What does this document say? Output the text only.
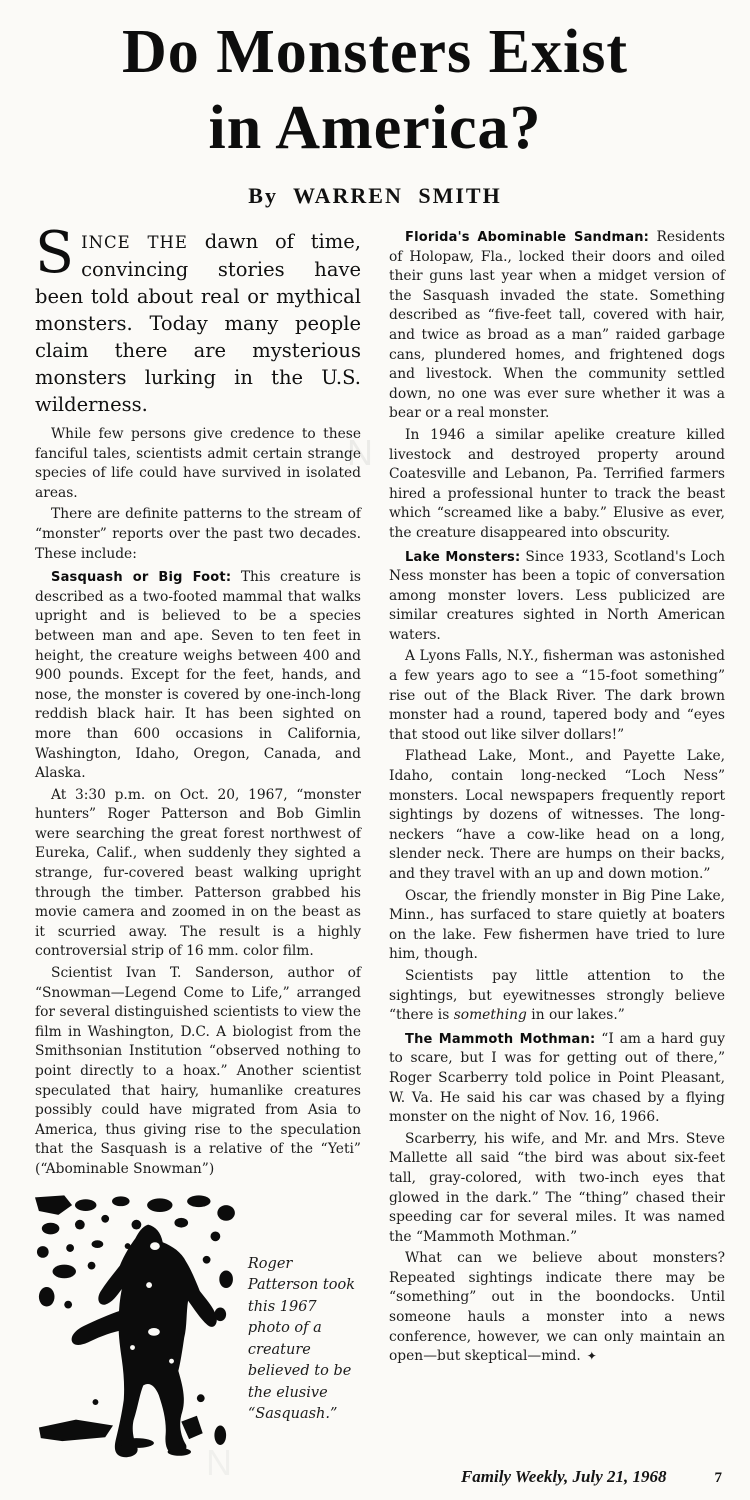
Do Monsters Exist
in America?
By WARREN SMITH

SINCE THE dawn of time, convincing stories have been told about real or mythical monsters. Today many people claim there are mysterious monsters lurking in the U.S. wilderness.

While few persons give credence to these fanciful tales, scientists admit certain strange species of life could have survived in isolated areas.

There are definite patterns to the stream of “monster” reports over the past two decades. These include:

Sasquash or Big Foot: This creature is described as a two-footed mammal that walks upright and is believed to be a species between man and ape. Seven to ten feet in height, the creature weighs between 400 and 900 pounds. Except for the feet, hands, and nose, the monster is covered by one-inch-long reddish black hair. It has been sighted on more than 600 occasions in California, Washington, Idaho, Oregon, Canada, and Alaska.

At 3:30 p.m. on Oct. 20, 1967, “monster hunters” Roger Patterson and Bob Gimlin were searching the great forest northwest of Eureka, Calif., when suddenly they sighted a strange, fur-covered beast walking upright through the timber. Patterson grabbed his movie camera and zoomed in on the beast as it scurried away. The result is a highly controversial strip of 16 mm. color film.

Scientist Ivan T. Sanderson, author of “Snowman—Legend Come to Life,” arranged for several distinguished scientists to view the film in Washington, D.C. A biologist from the Smithsonian Institution “observed nothing to point directly to a hoax.” Another scientist speculated that hairy, humanlike creatures possibly could have migrated from Asia to America, thus giving rise to the speculation that the Sasquash is a relative of the “Yeti” (“Abominable Snowman”)

Roger Patterson took this 1967 photo of a creature believed to be the elusive “Sasquash.”

Florida's Abominable Sandman: Residents of Holopaw, Fla., locked their doors and oiled their guns last year when a midget version of the Sasquash invaded the state. Something described as “five-feet tall, covered with hair, and twice as broad as a man” raided garbage cans, plundered homes, and frightened dogs and livestock. When the community settled down, no one was ever sure whether it was a bear or a real monster.

In 1946 a similar apelike creature killed livestock and destroyed property around Coatesville and Lebanon, Pa. Terrified farmers hired a professional hunter to track the beast which “screamed like a baby.” Elusive as ever, the creature disappeared into obscurity.

Lake Monsters: Since 1933, Scotland's Loch Ness monster has been a topic of conversation among monster lovers. Less publicized are similar creatures sighted in North American waters.

A Lyons Falls, N.Y., fisherman was astonished a few years ago to see a “15-foot something” rise out of the Black River. The dark brown monster had a round, tapered body and “eyes that stood out like silver dollars!”

Flathead Lake, Mont., and Payette Lake, Idaho, contain long-necked “Loch Ness” monsters. Local newspapers frequently report sightings by dozens of witnesses. The long-neckers “have a cow-like head on a long, slender neck. There are humps on their backs, and they travel with an up and down motion.”

Oscar, the friendly monster in Big Pine Lake, Minn., has surfaced to stare quietly at boaters on the lake. Few fishermen have tried to lure him, though.

Scientists pay little attention to the sightings, but eyewitnesses strongly believe “there is something in our lakes.”

The Mammoth Mothman: “I am a hard guy to scare, but I was for getting out of there,” Roger Scarberry told police in Point Pleasant, W. Va. He said his car was chased by a flying monster on the night of Nov. 16, 1966.

Scarberry, his wife, and Mr. and Mrs. Steve Mallette all said “the bird was about six-feet tall, gray-colored, with two-inch eyes that glowed in the dark.” The “thing” chased their speeding car for several miles. It was named the “Mammoth Mothman.”

What can we believe about monsters? Repeated sightings indicate there may be “something” out in the boondocks. Until someone hauls a monster into a news conference, however, we can only maintain an open—but skeptical—mind. ✦

N
N	Family Weekly, July 21, 1968	7
